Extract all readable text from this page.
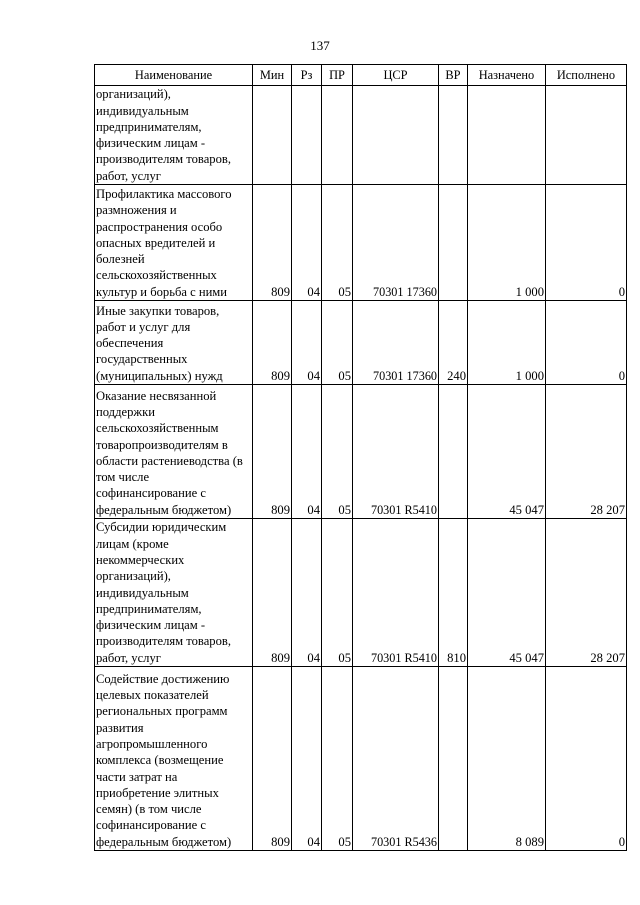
137
Наименование	Мин	Рз	ПР	ЦСР	ВР	Назначено	Исполнено
организаций), индивидуальным предпринимателям, физическим лицам - производителям товаров, работ, услуг							
Профилактика массового размножения и распространения особо опасных вредителей и болезней сельскохозяйственных культур и борьба с ними	809	04	05	70301 17360		1 000	0
Иные закупки товаров, работ и услуг для обеспечения государственных (муниципальных) нужд	809	04	05	70301 17360	240	1 000	0
Оказание несвязанной поддержки сельскохозяйственным товаропроизводителям в области растениеводства (в том числе софинансирование с федеральным бюджетом)	809	04	05	70301 R5410		45 047	28 207
Субсидии юридическим лицам (кроме некоммерческих организаций), индивидуальным предпринимателям, физическим лицам - производителям товаров, работ, услуг	809	04	05	70301 R5410	810	45 047	28 207
Содействие достижению целевых показателей региональных программ развития агропромышленного комплекса (возмещение части затрат на приобретение элитных семян) (в том числе софинансирование с федеральным бюджетом)	809	04	05	70301 R5436		8 089	0
